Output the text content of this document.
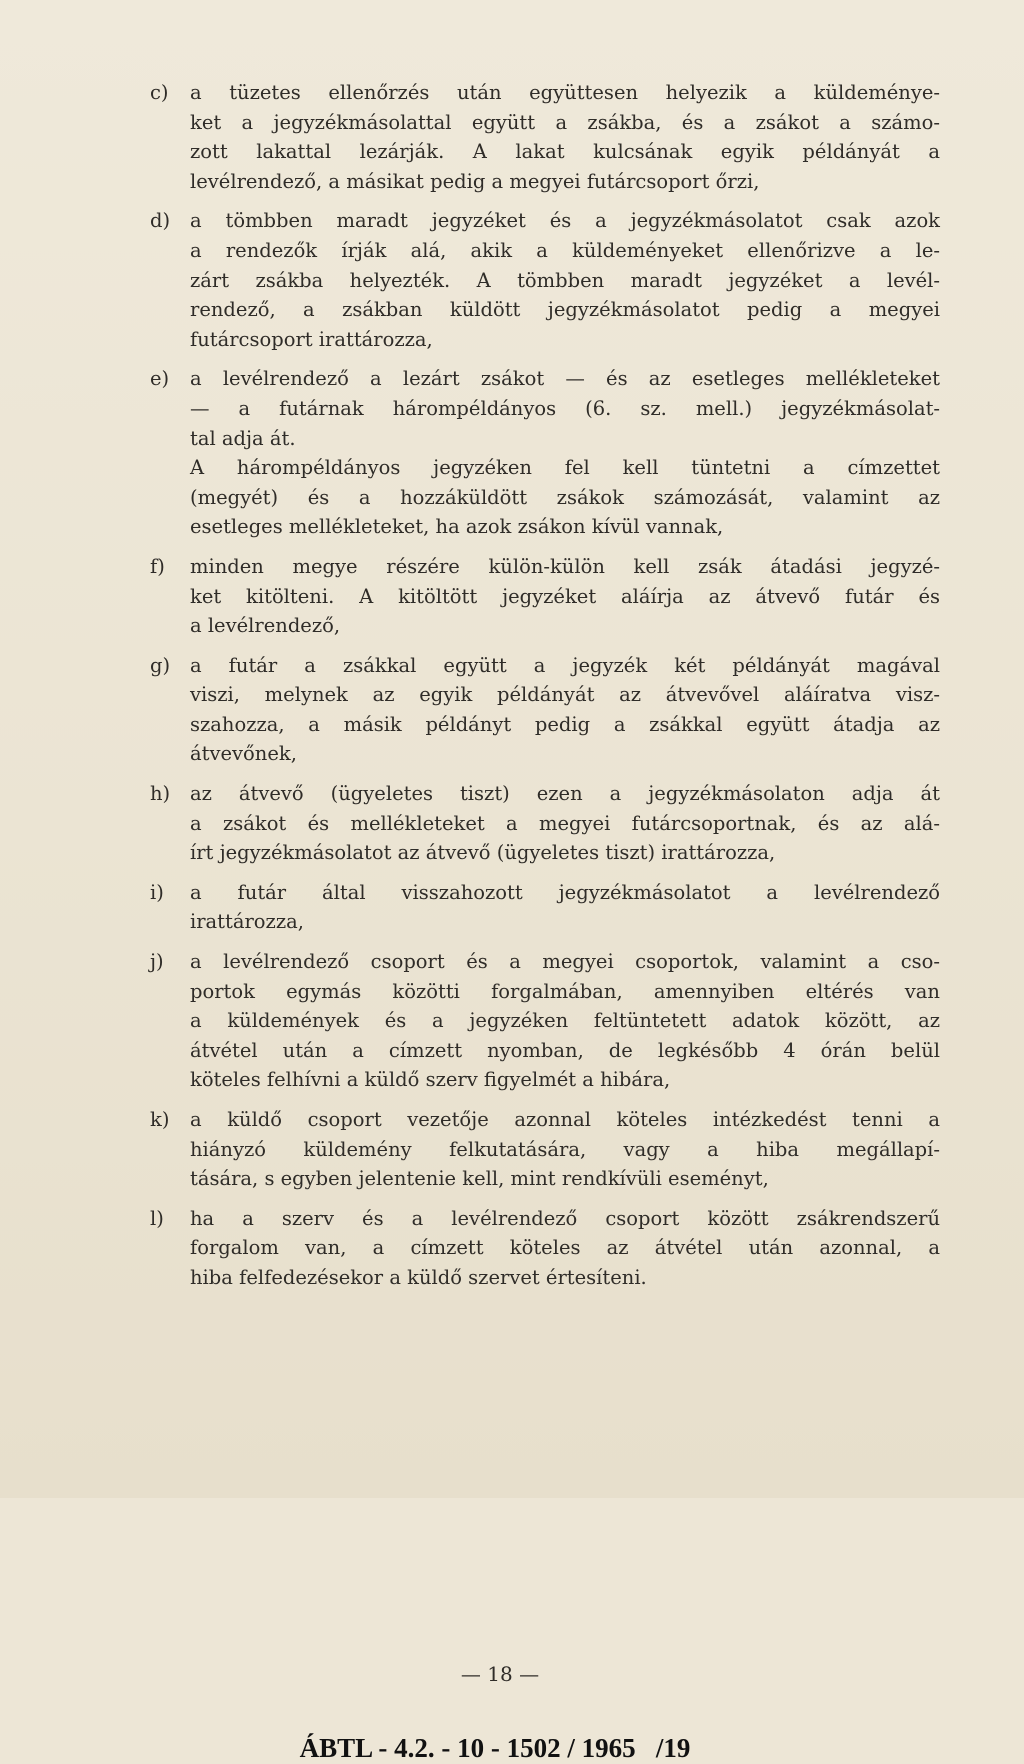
c) a tüzetes ellenőrzés után együttesen helyezik a küldeménye-
ket a jegyzékmásolattal együtt a zsákba, és a zsákot a számo-
zott lakattal lezárják. A lakat kulcsának egyik példányát a
levélrendező, a másikat pedig a megyei futárcsoport őrzi,
d) a tömbben maradt jegyzéket és a jegyzékmásolatot csak azok
a rendezők írják alá, akik a küldeményeket ellenőrizve a le-
zárt zsákba helyezték. A tömbben maradt jegyzéket a levél-
rendező, a zsákban küldött jegyzékmásolatot pedig a megyei
futárcsoport irattározza,
e) a levélrendező a lezárt zsákot — és az esetleges mellékleteket
— a futárnak hárompéldányos (6. sz. mell.) jegyzékmásolat-
tal adja át.
A hárompéldányos jegyzéken fel kell tüntetni a címzettet
(megyét) és a hozzáküldött zsákok számozását, valamint az
esetleges mellékleteket, ha azok zsákon kívül vannak,
f) minden megye részére külön-külön kell zsák átadási jegyzé-
ket kitölteni. A kitöltött jegyzéket aláírja az átvevő futár és
a levélrendező,
g) a futár a zsákkal együtt a jegyzék két példányát magával
viszi, melynek az egyik példányát az átvevővel aláíratva visz-
szahozza, a másik példányt pedig a zsákkal együtt átadja az
átvevőnek,
h) az átvevő (ügyeletes tiszt) ezen a jegyzékmásolaton adja át
a zsákot és mellékleteket a megyei futárcsoportnak, és az alá-
írt jegyzékmásolatot az átvevő (ügyeletes tiszt) irattározza,
i) a futár által visszahozott jegyzékmásolatot a levélrendező
irattározza,
j) a levélrendező csoport és a megyei csoportok, valamint a cso-
portok egymás közötti forgalmában, amennyiben eltérés van
a küldemények és a jegyzéken feltüntetett adatok között, az
átvétel után a címzett nyomban, de legkésőbb 4 órán belül
köteles felhívni a küldő szerv figyelmét a hibára,
k) a küldő csoport vezetője azonnal köteles intézkedést tenni a
hiányzó küldemény felkutatására, vagy a hiba megállapí-
tására, s egyben jelentenie kell, mint rendkívüli eseményt,
l) ha a szerv és a levélrendező csoport között zsákrendszerű
forgalom van, a címzett köteles az átvétel után azonnal, a
hiba felfedezésekor a küldő szervet értesíteni.
— 18 —
ÁBTL - 4.2. - 10 - 1502 / 1965   /19
